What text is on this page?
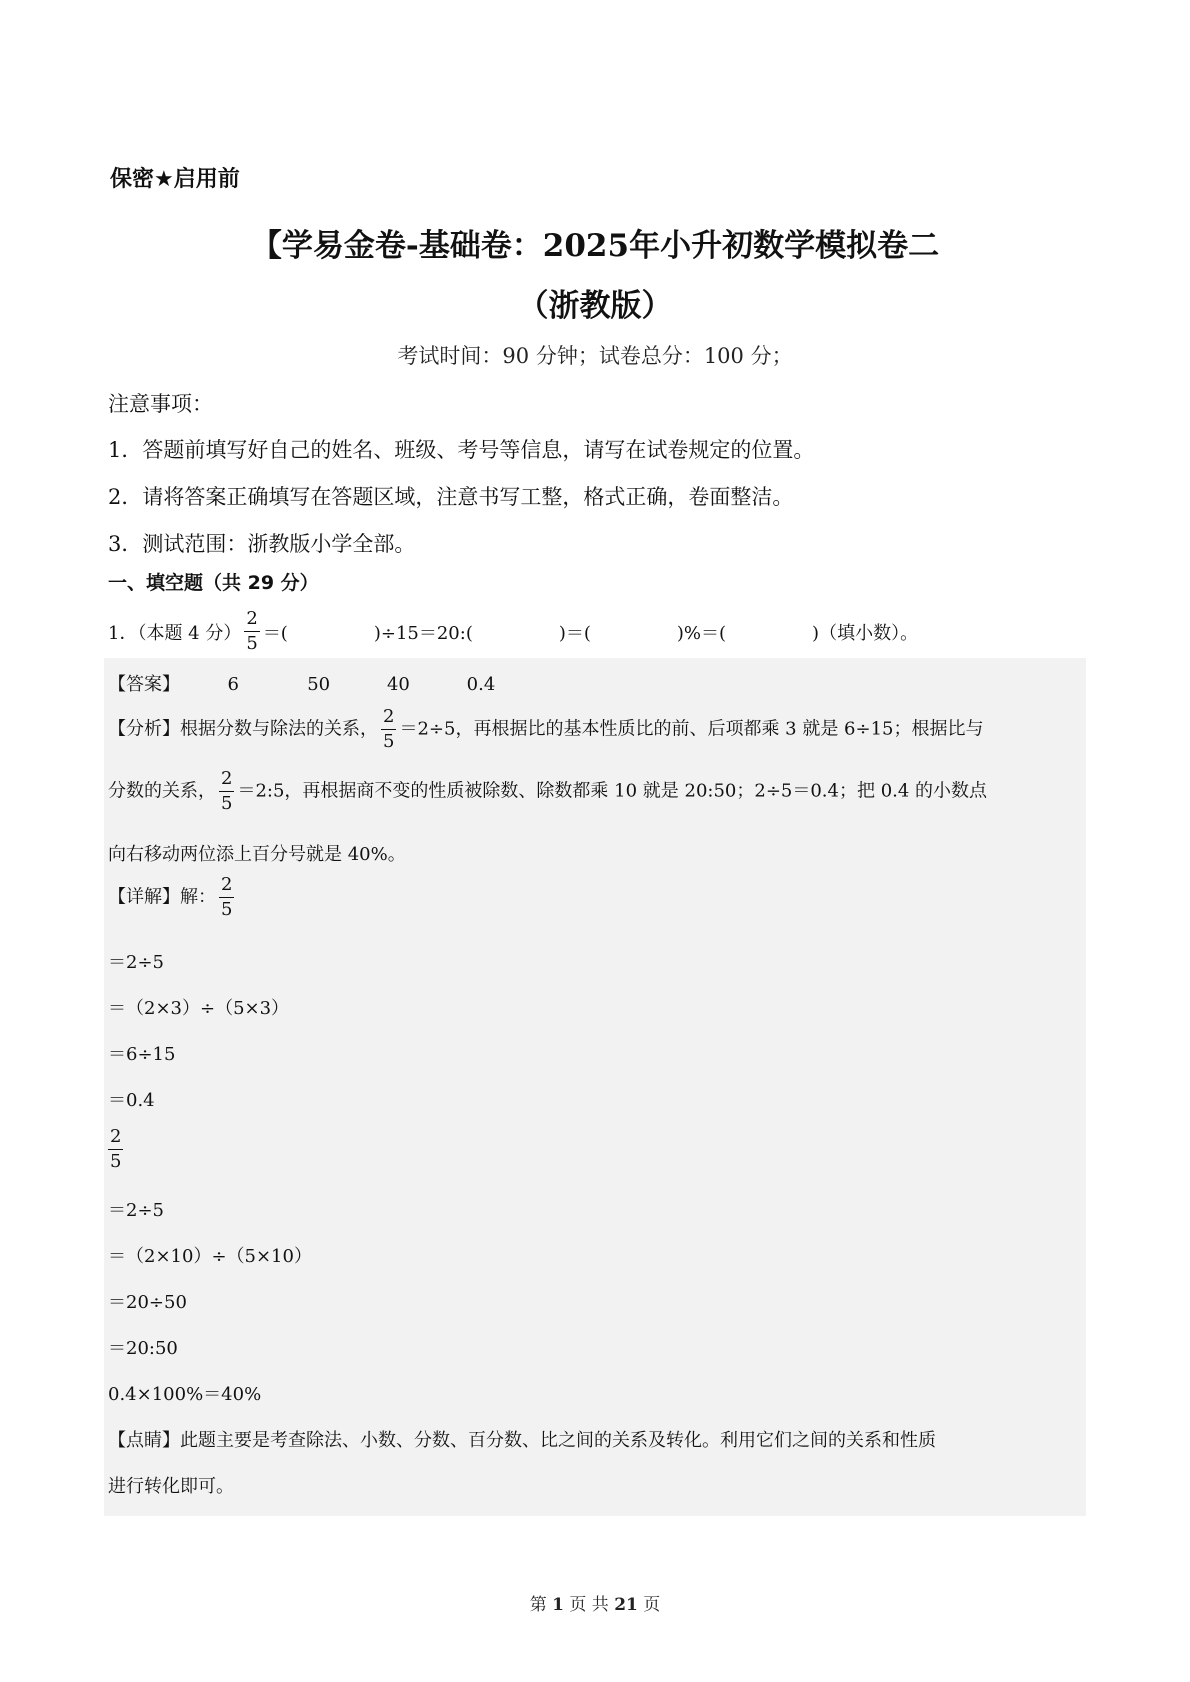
保密★启用前
【学易金卷-基础卷：2025年小升初数学模拟卷二
（浙教版）
考试时间：90 分钟；试卷总分：100 分；
注意事项：
1．答题前填写好自己的姓名、班级、考号等信息，请写在试卷规定的位置。
2．请将答案正确填写在答题区域，注意书写工整，格式正确，卷面整洁。
3．测试范围：浙教版小学全部。
一、填空题（共 29 分）
1．（本题 4 分） $\frac{2}{5}$ ＝(	)÷15＝20:(	)＝(	)%＝(	)（填小数）。
【答案】	6	50	40	0.4
【分析】根据分数与除法的关系， $\frac{2}{5} =2\div 5$，再根据比的基本性质比的前、后项都乘 3 就是 6÷15；根据比与
分数的关系， $\frac{2}{5}$ ＝2:5，再根据商不变的性质被除数、除数都乘 10 就是 20:50；2÷5＝0.4；把 0.4 的小数点
向右移动两位添上百分号就是 40%。
【详解】解： $\frac{2}{5}$
＝2÷5
＝（2×3）÷（5×3）
＝6÷15
＝0.4
$\frac{2}{5}$
＝2÷5
＝（2×10）÷（5×10）
＝20÷50
＝20:50
0.4×100%＝40%
【点睛】此题主要是考查除法、小数、分数、百分数、比之间的关系及转化。利用它们之间的关系和性质
进行转化即可。
第 1 页 共 21 页
